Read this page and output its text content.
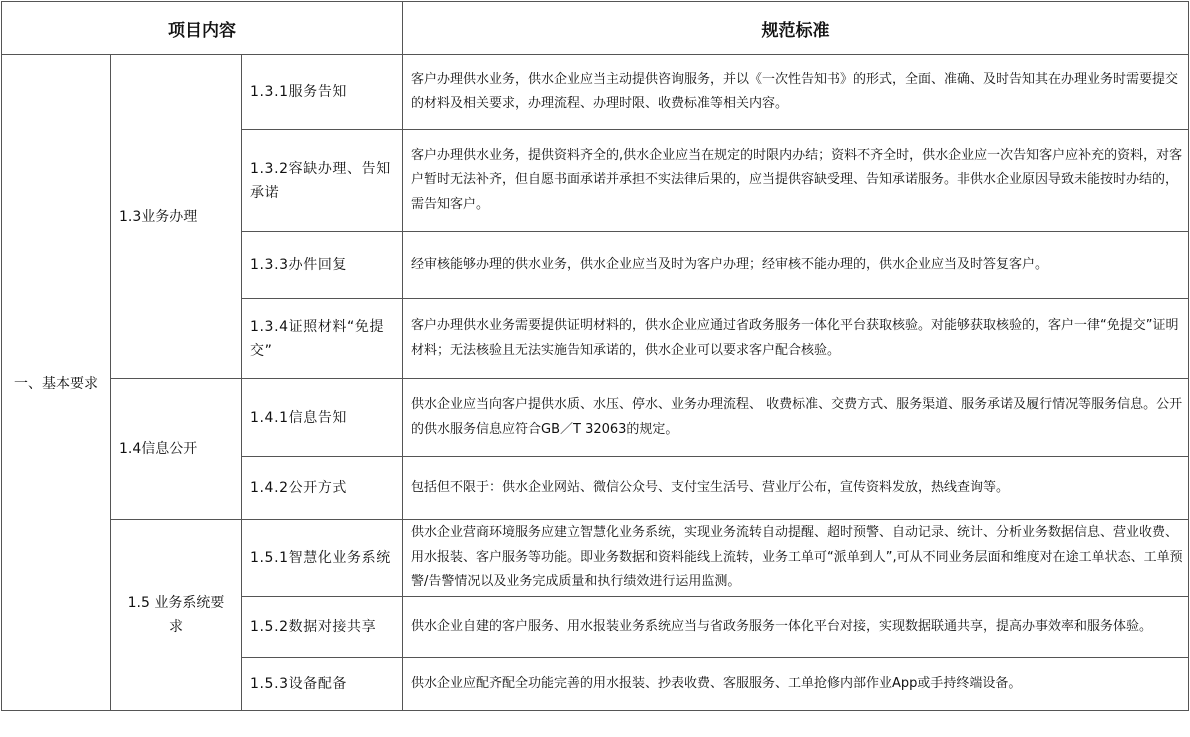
项目内容			规范标准
一、基本要求	1.3业务办理	1.3.1服务告知	客户办理供水业务，供水企业应当主动提供咨询服务，并以《一次性告知书》的形式，全面、准确、及时告知其在办理业务时需要提交的材料及相关要求，办理流程、办理时限、收费标准等相关内容。
		1.3.2容缺办理、告知承诺	客户办理供水业务，提供资料齐全的,供水企业应当在规定的时限内办结；资料不齐全时，供水企业应一次告知客户应补充的资料，对客户暂时无法补齐，但自愿书面承诺并承担不实法律后果的，应当提供容缺受理、告知承诺服务。非供水企业原因导致未能按时办结的，需告知客户。
		1.3.3办件回复	经审核能够办理的供水业务，供水企业应当及时为客户办理；经审核不能办理的，供水企业应当及时答复客户。
		1.3.4证照材料“免提交”	客户办理供水业务需要提供证明材料的，供水企业应通过省政务服务一体化平台获取核验。对能够获取核验的，客户一律“免提交”证明材料；无法核验且无法实施告知承诺的，供水企业可以要求客户配合核验。
	1.4信息公开	1.4.1信息告知	供水企业应当向客户提供水质、水压、停水、业务办理流程、 收费标准、交费方式、服务渠道、服务承诺及履行情况等服务信息。公开的供水服务信息应符合GB／T 32063的规定。
		1.4.2公开方式	包括但不限于：供水企业网站、微信公众号、支付宝生活号、营业厅公布，宣传资料发放，热线查询等。
	1.5 业务系统要求	1.5.1智慧化业务系统	供水企业营商环境服务应建立智慧化业务系统，实现业务流转自动提醒、超时预警、自动记录、统计、分析业务数据信息、营业收费、用水报装、客户服务等功能。即业务数据和资料能线上流转，业务工单可“派单到人”,可从不同业务层面和维度对在途工单状态、工单预警/告警情况以及业务完成质量和执行绩效进行运用监测。
		1.5.2数据对接共享	供水企业自建的客户服务、用水报装业务系统应当与省政务服务一体化平台对接，实现数据联通共享，提高办事效率和服务体验。
		1.5.3设备配备	供水企业应配齐配全功能完善的用水报装、抄表收费、客服服务、工单抢修内部作业App或手持终端设备。
